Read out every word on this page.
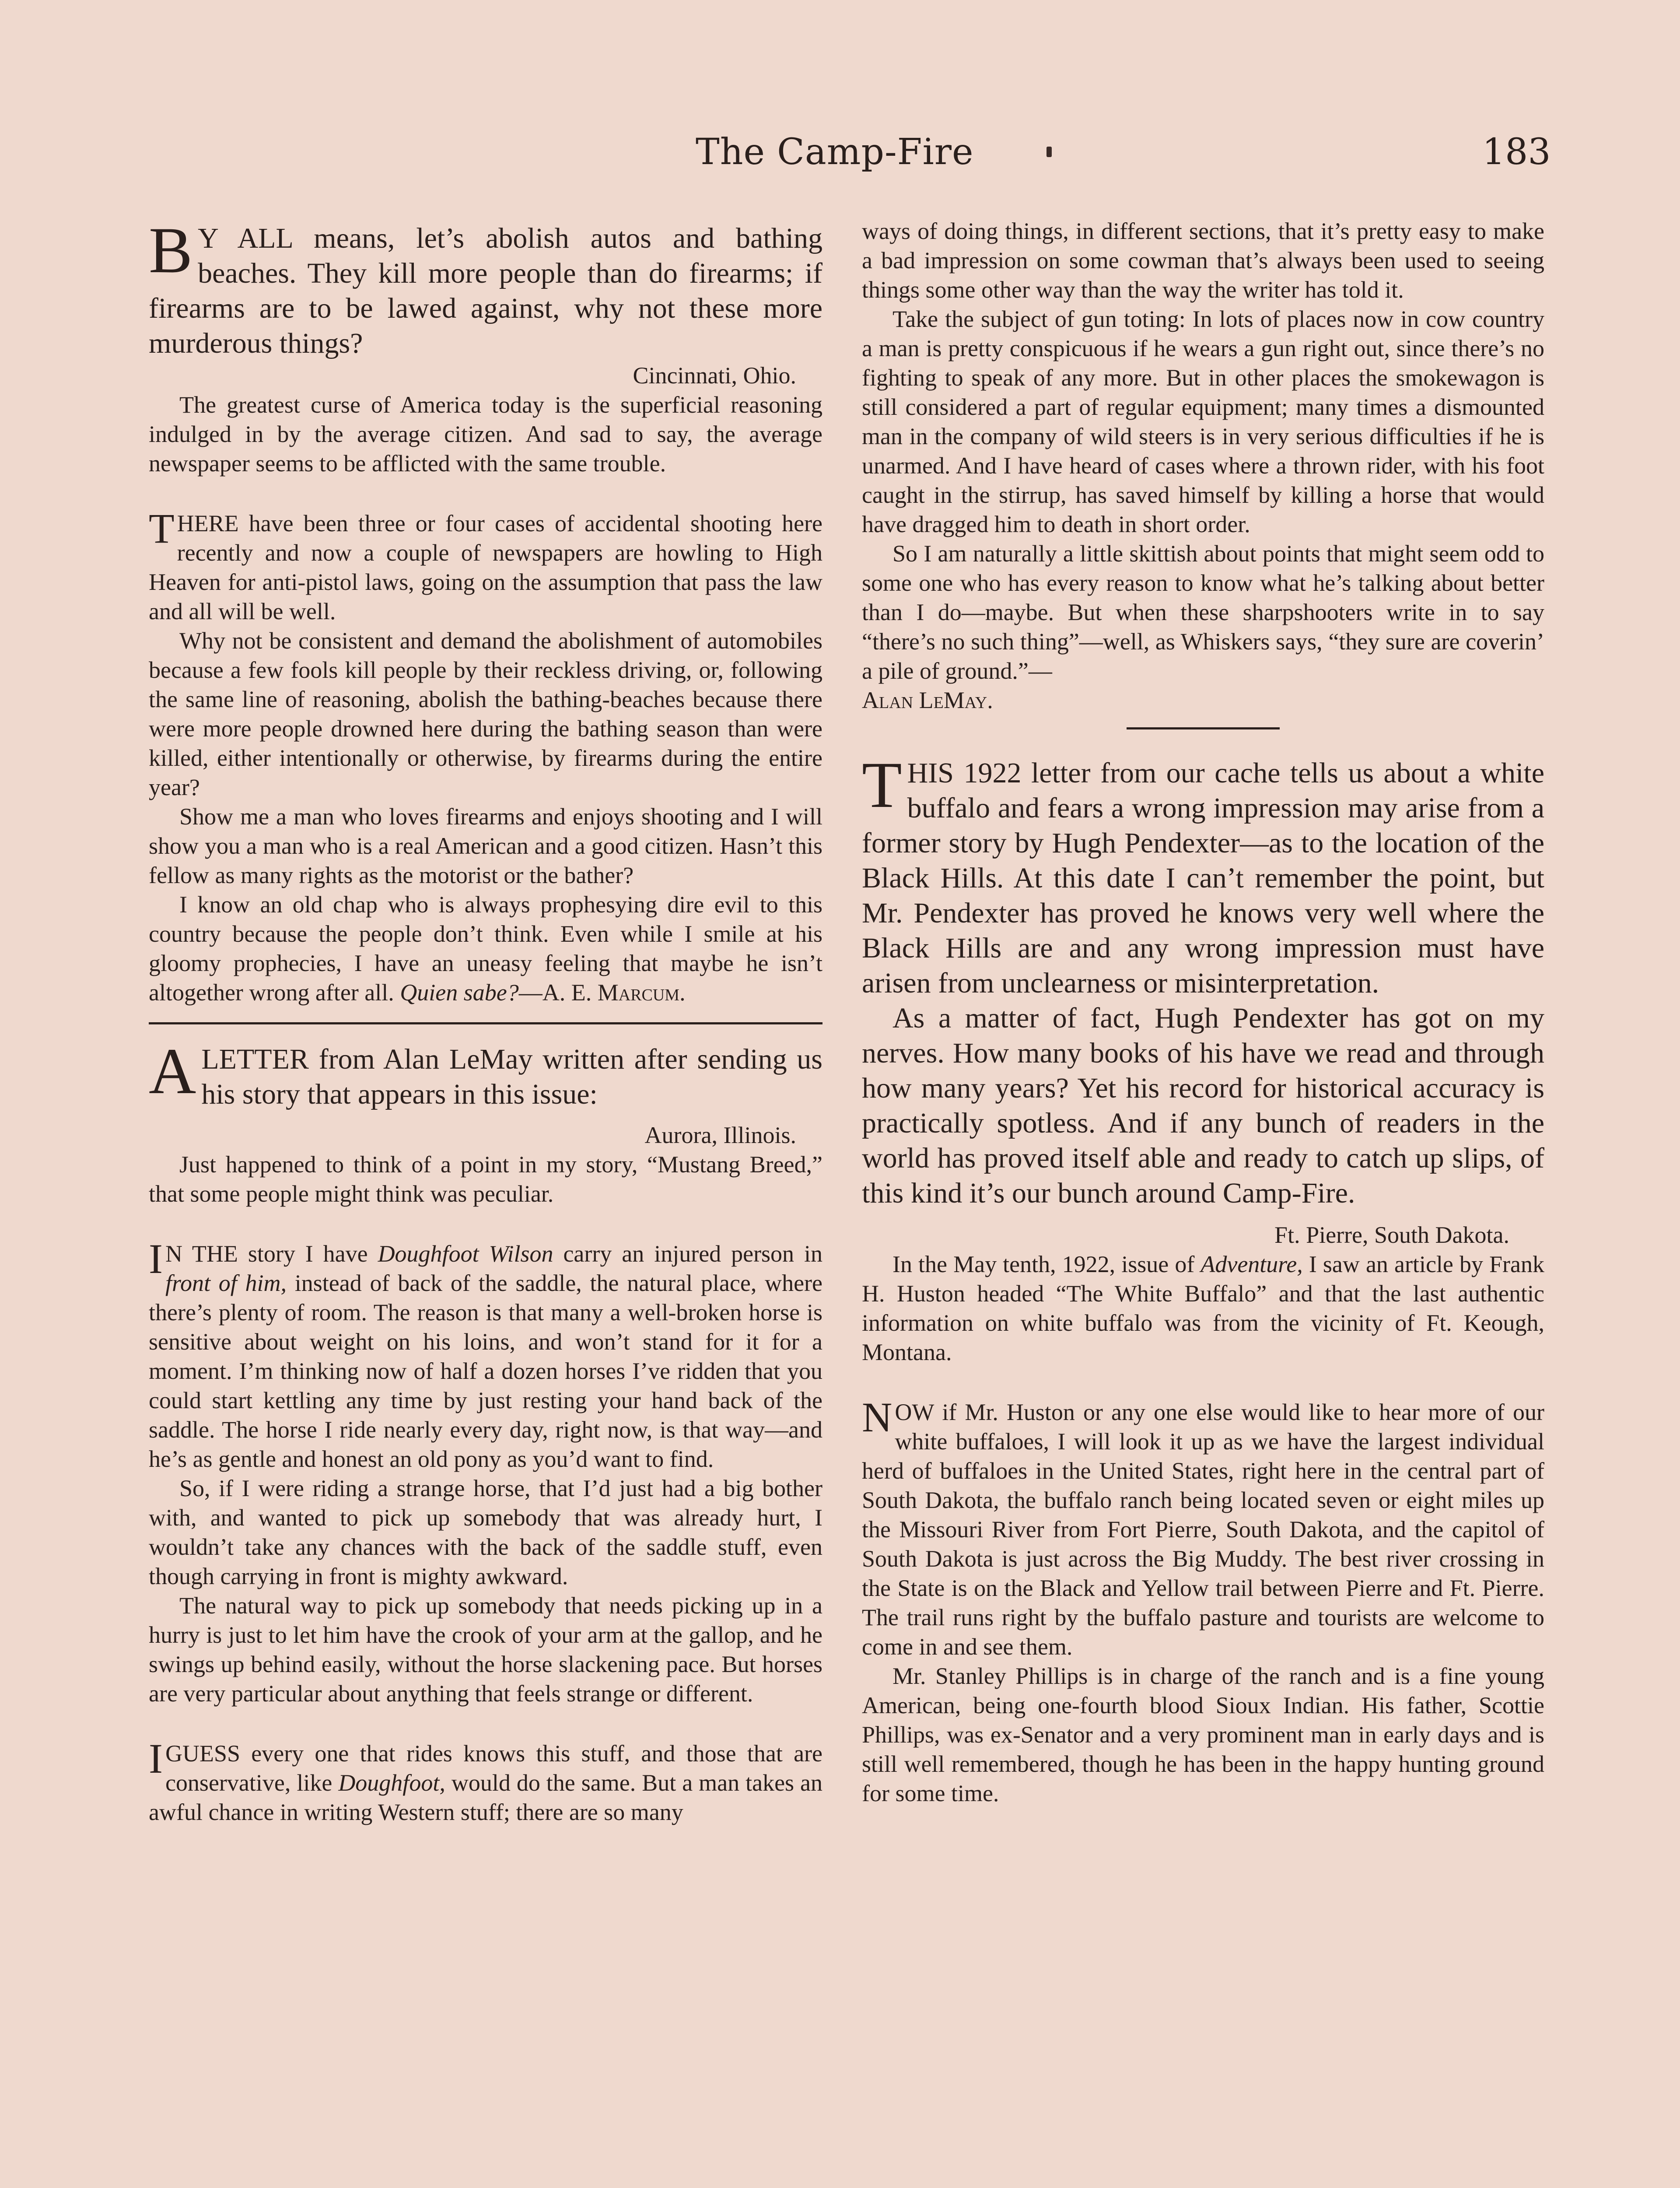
The Camp-Fire	183

B Y ALL means, let’s abolish autos and bathing beaches. They kill more people than do firearms; if firearms are to be lawed against, why not these more murderous things?

Cincinnati, Ohio.

The greatest curse of America today is the superficial reasoning indulged in by the average citizen. And sad to say, the average newspaper seems to be afflicted with the same trouble.

THERE have been three or four cases of accidental shooting here recently and now a couple of newspapers are howling to High Heaven for anti-pistol laws, going on the assumption that pass the law and all will be well.

Why not be consistent and demand the abolishment of automobiles because a few fools kill people by their reckless driving, or, following the same line of reasoning, abolish the bathing-beaches because there were more people drowned here during the bathing season than were killed, either intentionally or otherwise, by firearms during the entire year?

Show me a man who loves firearms and enjoys shooting and I will show you a man who is a real American and a good citizen. Hasn’t this fellow as many rights as the motorist or the bather?

I know an old chap who is always prophesying dire evil to this country because the people don’t think. Even while I smile at his gloomy prophecies, I have an uneasy feeling that maybe he isn’t altogether wrong after all. Quien sabe?—A. E. Marcum.

ALETTER from Alan LeMay written after sending us his story that appears in this issue:

Aurora, Illinois.

Just happened to think of a point in my story, “Mustang Breed,” that some people might think was peculiar.

I N THE story I have Doughfoot Wilson carry an injured person in front of him, instead of back of the saddle, the natural place, where there’s plenty of room. The reason is that many a well-broken horse is sensitive about weight on his loins, and won’t stand for it for a moment. I’m thinking now of half a dozen horses I’ve ridden that you could start kettling any time by just resting your hand back of the saddle. The horse I ride nearly every day, right now, is that way—and he’s as gentle and honest an old pony as you’d want to find.

So, if I were riding a strange horse, that I’d just had a big bother with, and wanted to pick up somebody that was already hurt, I wouldn’t take any chances with the back of the saddle stuff, even though carrying in front is mighty awkward.

The natural way to pick up somebody that needs picking up in a hurry is just to let him have the crook of your arm at the gallop, and he swings up behind easily, without the horse slackening pace. But horses are very particular about anything that feels strange or different.

IGUESS every one that rides knows this stuff, and those that are conservative, like Doughfoot, would do the same. But a man takes an awful chance in writing Western stuff; there are so many

ways of doing things, in different sections, that it’s pretty easy to make a bad impression on some cowman that’s always been used to seeing things some other way than the way the writer has told it.

Take the subject of gun toting: In lots of places now in cow country a man is pretty conspicuous if he wears a gun right out, since there’s no fighting to speak of any more. But in other places the smokewagon is still considered a part of regular equipment; many times a dismounted man in the company of wild steers is in very serious difficulties if he is unarmed. And I have heard of cases where a thrown rider, with his foot caught in the stirrup, has saved himself by killing a horse that would have dragged him to death in short order.

So I am naturally a little skittish about points that might seem odd to some one who has every reason to know what he’s talking about better than I do—maybe. But when these sharpshooters write in to say “there’s no such thing”—well, as Whiskers says, “they sure are coverin’ a pile of ground.”—
Alan LeMay.

THIS 1922 letter from our cache tells us about a white buffalo and fears a wrong impression may arise from a former story by Hugh Pendexter—as to the location of the Black Hills. At this date I can’t remember the point, but Mr. Pendexter has proved he knows very well where the Black Hills are and any wrong impression must have arisen from unclearness or misinterpretation.

As a matter of fact, Hugh Pendexter has got on my nerves. How many books of his have we read and through how many years? Yet his record for historical accuracy is practically spotless. And if any bunch of readers in the world has proved itself able and ready to catch up slips, of this kind it’s our bunch around Camp-Fire.

Ft. Pierre, South Dakota.

In the May tenth, 1922, issue of Adventure, I saw an article by Frank H. Huston headed “The White Buffalo” and that the last authentic information on white buffalo was from the vicinity of Ft. Keough, Montana.

NOW if Mr. Huston or any one else would like to hear more of our white buffaloes, I will look it up as we have the largest individual herd of buffaloes in the United States, right here in the central part of South Dakota, the buffalo ranch being located seven or eight miles up the Missouri River from Fort Pierre, South Dakota, and the capitol of South Dakota is just across the Big Muddy. The best river crossing in the State is on the Black and Yellow trail between Pierre and Ft. Pierre. The trail runs right by the buffalo pasture and tourists are welcome to come in and see them.

Mr. Stanley Phillips is in charge of the ranch and is a fine young American, being one-fourth blood Sioux Indian. His father, Scottie Phillips, was ex-Senator and a very prominent man in early days and is still well remembered, though he has been in the happy hunting ground for some time.
